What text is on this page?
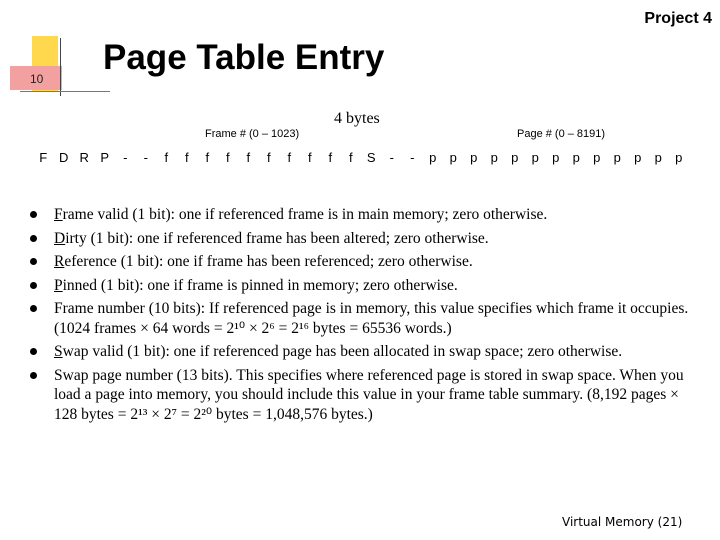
10
Project 4
Page Table Entry
4 bytes
Frame # (0 – 1023)	Page # (0 – 8191)
F D R P	-	-	f	f	f	f	f	f	f	f	f	f	S	-	-	p	p	p	p	p	p	p	p	p	p	p	p	p
Frame valid (1 bit): one if referenced frame is in main memory; zero otherwise.
Dirty (1 bit): one if referenced frame has been altered; zero otherwise.
Reference (1 bit): one if frame has been referenced; zero otherwise.
Pinned (1 bit): one if frame is pinned in memory; zero otherwise.
Frame number (10 bits): If referenced page is in memory, this value specifies which frame it occupies. (1024 frames × 64 words = 2¹⁰ × 2⁶ = 2¹⁶ bytes = 65536 words.)
Swap valid (1 bit): one if referenced page has been allocated in swap space; zero otherwise.
Swap page number (13 bits). This specifies where referenced page is stored in swap space. When you load a page into memory, you should include this value in your frame table summary. (8,192 pages × 128 bytes = 2¹³ × 2⁷ = 2²⁰ bytes = 1,048,576 bytes.)
Virtual Memory (21)
